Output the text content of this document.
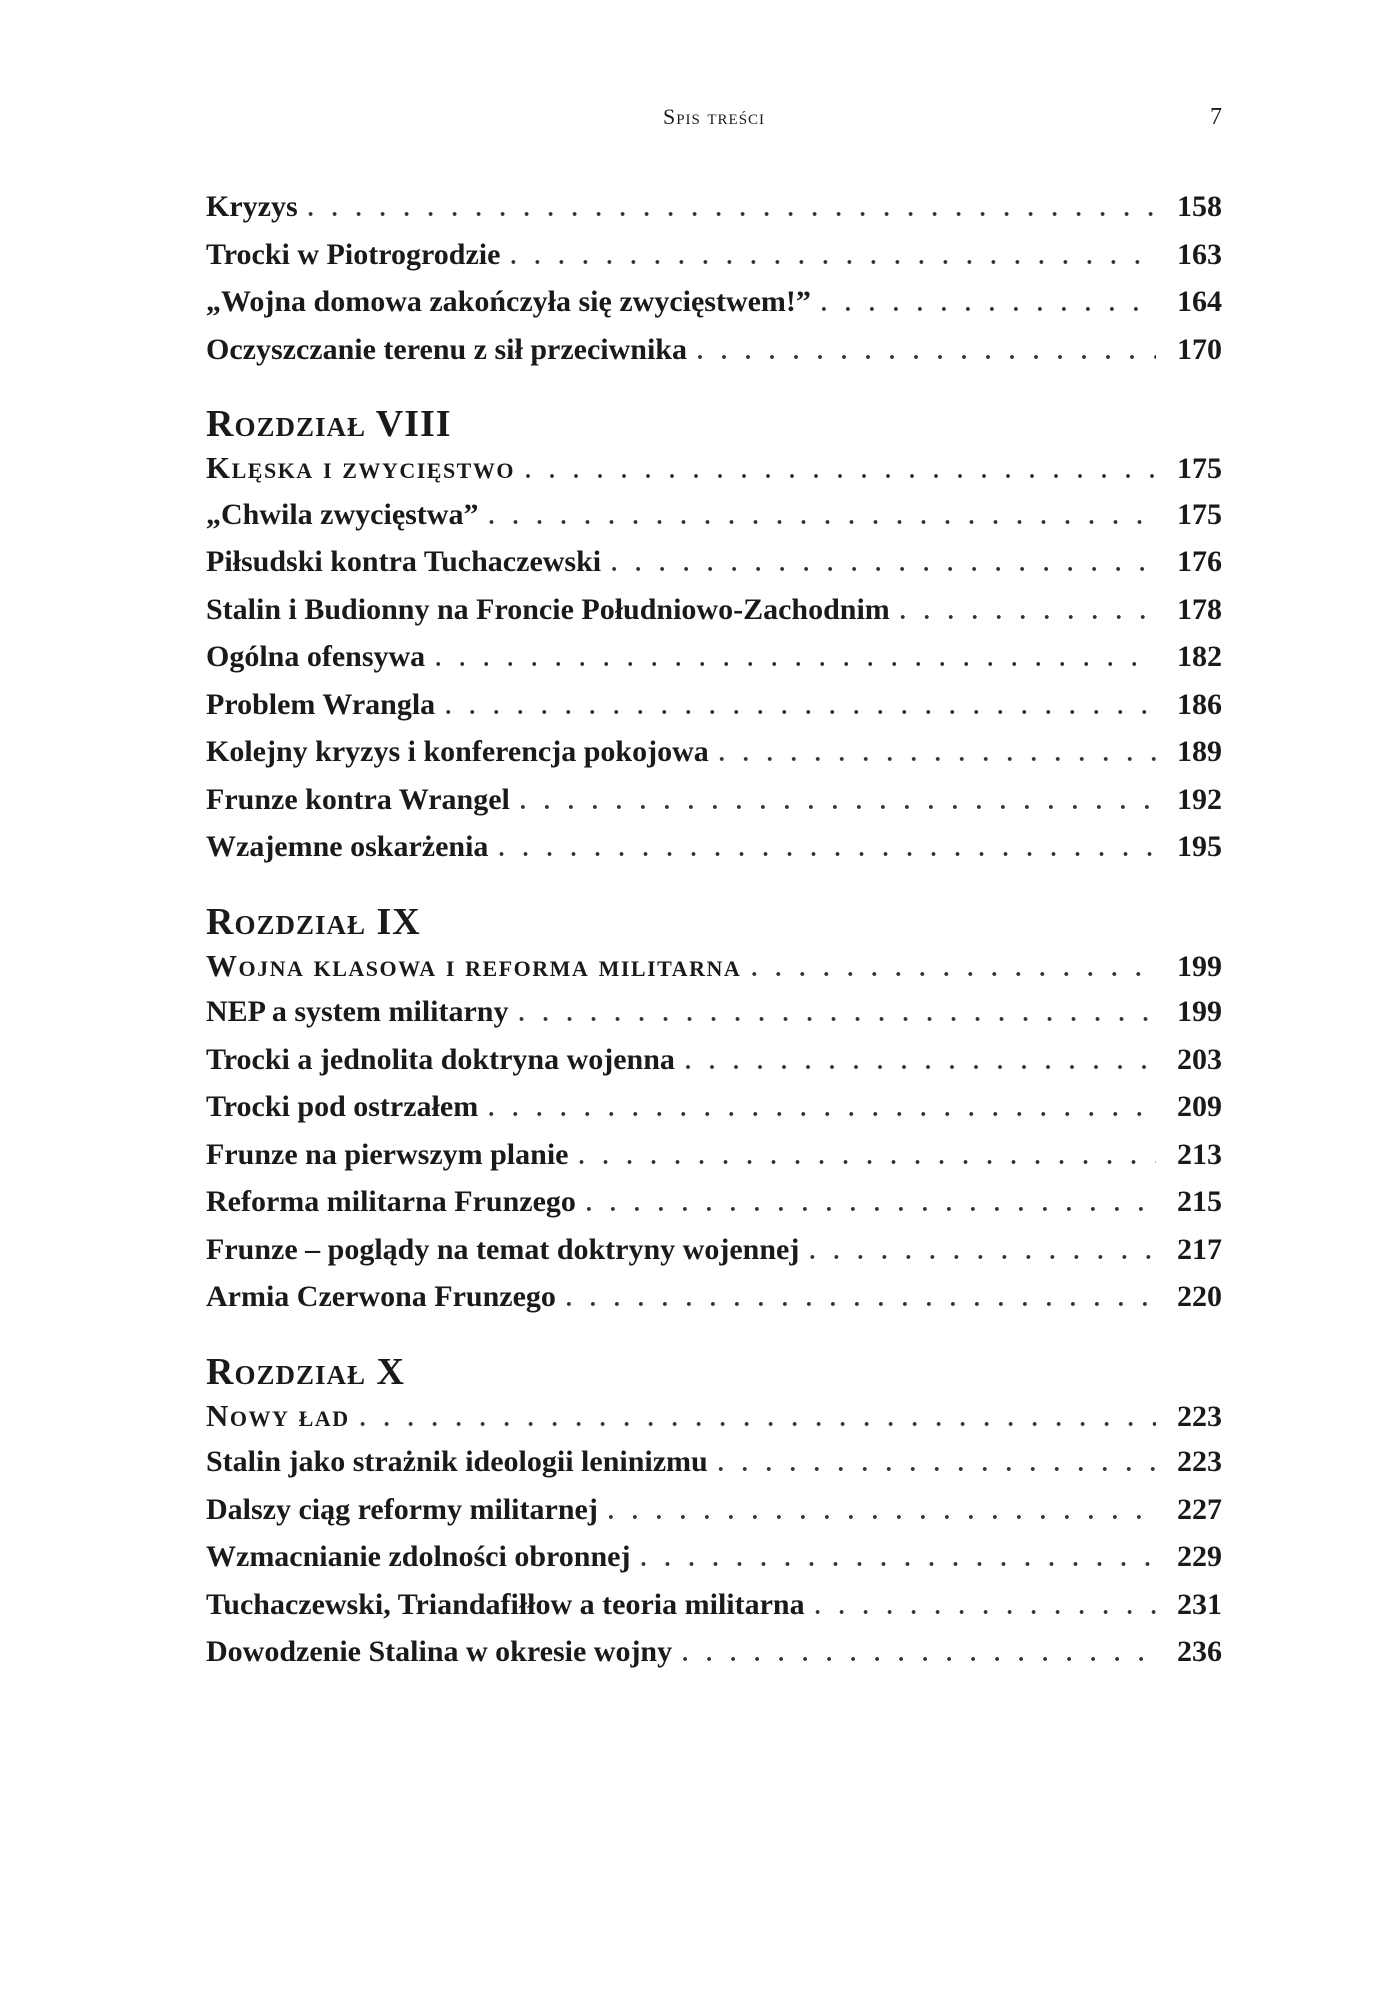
Spis treści	7
Kryzys . . .	158
Trocki w Piotrogrodzie . . .	163
„Wojna domowa zakończyła się zwycięstwem!” . . .	164
Oczyszczanie terenu z sił przeciwnika . . .	170
Rozdział VIII
Klęska i zwycięstwo . . .	175
„Chwila zwycięstwa” . . .	175
Piłsudski kontra Tuchaczewski . . .	176
Stalin i Budionny na Froncie Południowo-Zachodnim . . .	178
Ogólna ofensywa . . .	182
Problem Wrangla . . .	186
Kolejny kryzys i konferencja pokojowa . . .	189
Frunze kontra Wrangel . . .	192
Wzajemne oskarżenia . . .	195
Rozdział IX
Wojna klasowa i reforma militarna . . .	199
NEP a system militarny . . .	199
Trocki a jednolita doktryna wojenna . . .	203
Trocki pod ostrzałem . . .	209
Frunze na pierwszym planie . . .	213
Reforma militarna Frunzego . . .	215
Frunze – poglądy na temat doktryny wojennej . . .	217
Armia Czerwona Frunzego . . .	220
Rozdział X
Nowy ład . . .	223
Stalin jako strażnik ideologii leninizmu . . .	223
Dalszy ciąg reformy militarnej . . .	227
Wzmacnianie zdolności obronnej . . .	229
Tuchaczewski, Triandafiłłow a teoria militarna . . .	231
Dowodzenie Stalina w okresie wojny . . .	236
